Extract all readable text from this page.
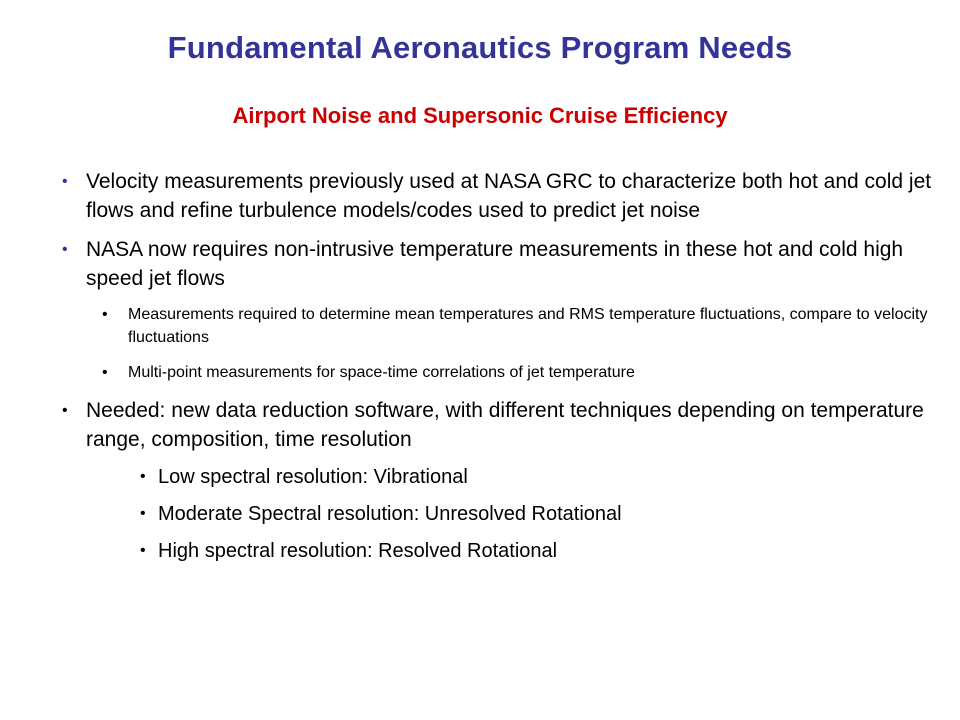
Fundamental Aeronautics Program Needs
Airport Noise and Supersonic Cruise Efficiency
• Velocity measurements previously used at NASA GRC to characterize both hot and cold jet flows and refine turbulence models/codes used to predict jet noise
• NASA now requires non-intrusive temperature measurements in these hot and cold high speed jet flows
• Measurements required to determine mean temperatures and RMS temperature fluctuations, compare to velocity fluctuations
• Multi-point measurements for space-time correlations of jet temperature
• Needed: new data reduction software, with different techniques depending on temperature range, composition, time resolution
• Low spectral resolution: Vibrational
• Moderate Spectral resolution: Unresolved Rotational
• High spectral resolution: Resolved Rotational
